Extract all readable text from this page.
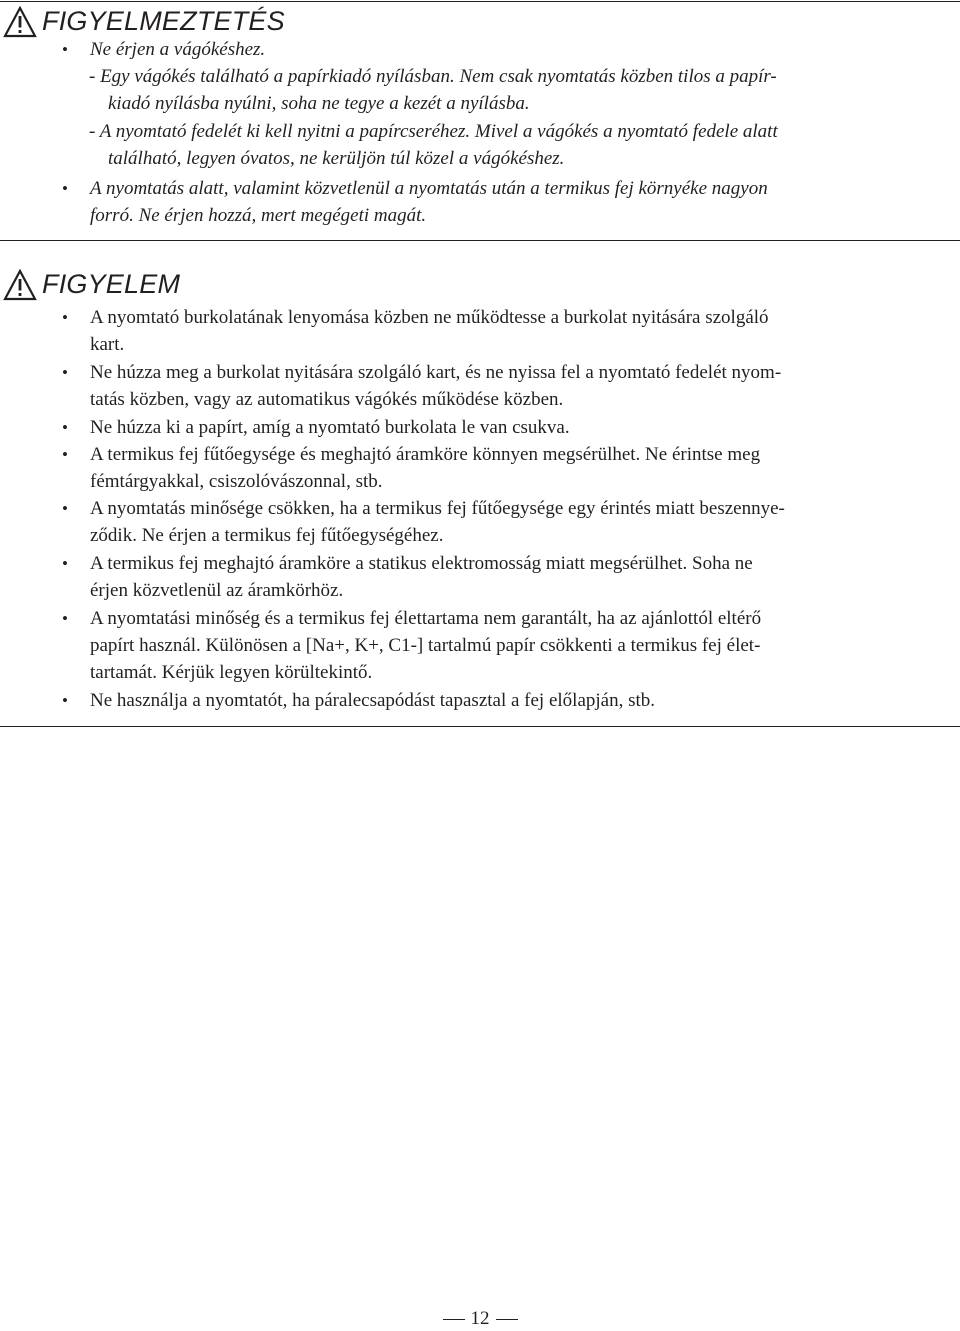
FIGYELMEZTETÉS
•	Ne érjen a vágókéshez.
- Egy vágókés található a papírkiadó nyílásban. Nem csak nyomtatás közben tilos a papír-
kiadó nyílásba nyúlni, soha ne tegye a kezét a nyílásba.
- A nyomtató fedelét ki kell nyitni a papírcseréhez. Mivel a vágókés a nyomtató fedele alatt
található, legyen óvatos, ne kerüljön túl közel a vágókéshez.
•	A nyomtatás alatt, valamint közvetlenül a nyomtatás után a termikus fej környéke nagyon
forró. Ne érjen hozzá, mert megégeti magát.
FIGYELEM
•	A nyomtató burkolatának lenyomása közben ne működtesse a burkolat nyitására szolgáló
kart.
•	Ne húzza meg a burkolat nyitására szolgáló kart, és ne nyissa fel a nyomtató fedelét nyom-
tatás közben, vagy az automatikus vágókés működése közben.
•	Ne húzza ki a papírt, amíg a nyomtató burkolata le van csukva.
•	A termikus fej fűtőegysége és meghajtó áramköre könnyen megsérülhet. Ne érintse meg
fémtárgyakkal, csiszolóvászonnal, stb.
•	A nyomtatás minősége csökken, ha a termikus fej fűtőegysége egy érintés miatt beszennye-
ződik. Ne érjen a termikus fej fűtőegységéhez.
•	A termikus fej meghajtó áramköre a statikus elektromosság miatt megsérülhet. Soha ne
érjen közvetlenül az áramkörhöz.
•	A nyomtatási minőség és a termikus fej élettartama nem garantált, ha az ajánlottól eltérő
papírt használ. Különösen a [Na+, K+, C1-] tartalmú papír csökkenti a termikus fej élet-
tartamát. Kérjük legyen körültekintő.
•	Ne használja a nyomtatót, ha páralecsapódást tapasztal a fej előlapján, stb.
12
